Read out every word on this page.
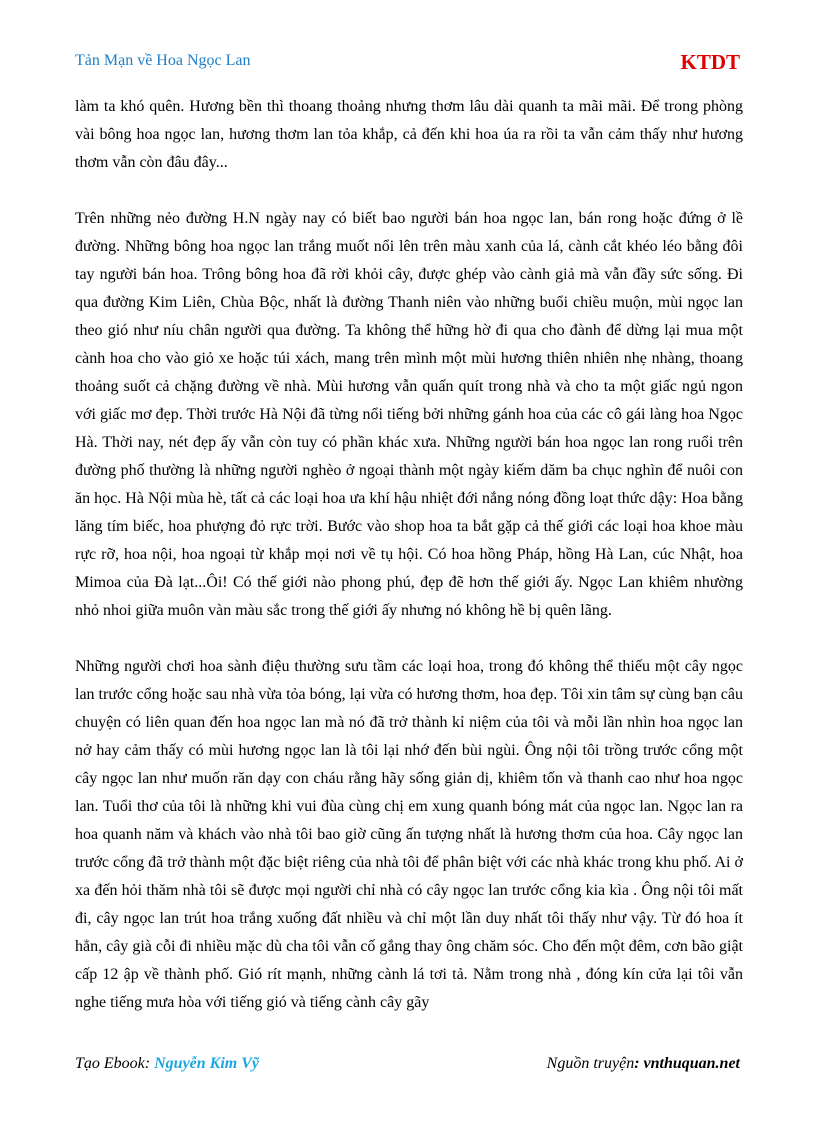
Tản Mạn về Hoa Ngọc Lan	KTDT

làm ta khó quên. Hương bền thì thoang thoảng nhưng thơm lâu dài quanh ta mãi mãi. Để trong phòng vài bông hoa ngọc lan, hương thơm lan tỏa khắp, cả đến khi hoa úa ra rồi ta vẫn cảm thấy như hương thơm vẫn còn đâu đây...

Trên những nẻo đường H.N ngày nay có biết bao người bán hoa ngọc lan, bán rong hoặc đứng ở lề đường. Những bông hoa ngọc lan trắng muốt nổi lên trên màu xanh của lá, cành cắt khéo léo bằng đôi tay người bán hoa. Trông bông hoa đã rời khỏi cây, được ghép vào cành giả mà vẫn đầy sức sống. Đi qua đường Kim Liên, Chùa Bộc, nhất là đường Thanh niên vào những buổi chiều muộn, mùi ngọc lan theo gió như níu chân người qua đường. Ta không thể hững hờ đi qua cho đành để dừng lại mua một cành hoa cho vào giỏ xe hoặc túi xách, mang trên mình một mùi hương thiên nhiên nhẹ nhàng, thoang thoảng suốt cả chặng đường về nhà. Mùi hương vẫn quấn quít trong nhà và cho ta một giấc ngủ ngon với giấc mơ đẹp. Thời trước Hà Nội đã từng nổi tiếng bởi những gánh hoa của các cô gái làng hoa Ngọc Hà. Thời nay, nét đẹp ấy vẫn còn tuy có phần khác xưa. Những người bán hoa ngọc lan rong ruổi trên đường phố thường là những người nghèo ở ngoại thành một ngày kiếm dăm ba chục nghìn để nuôi con ăn học. Hà Nội mùa hè, tất cả các loại hoa ưa khí hậu nhiệt đới nắng nóng đồng loạt thức dậy: Hoa bằng lăng tím biếc, hoa phượng đỏ rực trời. Bước vào shop hoa ta bắt gặp cả thế giới các loại hoa khoe màu rực rỡ, hoa nội, hoa ngoại từ khắp mọi nơi về tụ hội. Có hoa hồng Pháp, hồng Hà Lan, cúc Nhật, hoa Mimoa của Đà lạt...Ôi! Có thế giới nào phong phú, đẹp đẽ hơn thế giới ấy. Ngọc Lan khiêm nhường nhỏ nhoi giữa muôn vàn màu sắc trong thế giới ấy nhưng nó không hề bị quên lãng.

Những người chơi hoa sành điệu thường sưu tầm các loại hoa, trong đó không thể thiếu một cây ngọc lan trước cổng hoặc sau nhà vừa tỏa bóng, lại vừa có hương thơm, hoa đẹp. Tôi xin tâm sự cùng bạn câu chuyện có liên quan đến hoa ngọc lan mà nó đã trở thành kỉ niệm của tôi và mỗi lần nhìn hoa ngọc lan nở hay cảm thấy có mùi hương ngọc lan là tôi lại nhớ đến bùi ngùi. Ông nội tôi trồng trước cổng một cây ngọc lan như muốn răn dạy con cháu rằng hãy sống giản dị, khiêm tốn và thanh cao như hoa ngọc lan. Tuổi thơ của tôi là những khi vui đùa cùng chị em xung quanh bóng mát của ngọc lan. Ngọc lan ra hoa quanh năm và khách vào nhà tôi bao giờ cũng ấn tượng nhất là hương thơm của hoa. Cây ngọc lan trước cổng đã trở thành một đặc biệt riêng của nhà tôi để phân biệt với các nhà khác trong khu phố. Ai ở xa đến hỏi thăm nhà tôi sẽ được mọi người chỉ nhà có cây ngọc lan trước cổng kia kìa . Ông nội tôi mất đi, cây ngọc lan trút hoa trắng xuống đất nhiều và chỉ một lần duy nhất tôi thấy như vậy. Từ đó hoa ít hẳn, cây già cỗi đi nhiều mặc dù cha tôi vẫn cố gắng thay ông chăm sóc. Cho đến một đêm, cơn bão giật cấp 12 ập về thành phố. Gió rít mạnh, những cành lá tơi tả. Nằm trong nhà , đóng kín cửa lại tôi vẫn nghe tiếng mưa hòa với tiếng gió và tiếng cành cây gãy

Tạo Ebook: Nguyễn Kim Vỹ	Nguồn truyện: vnthuquan.net
